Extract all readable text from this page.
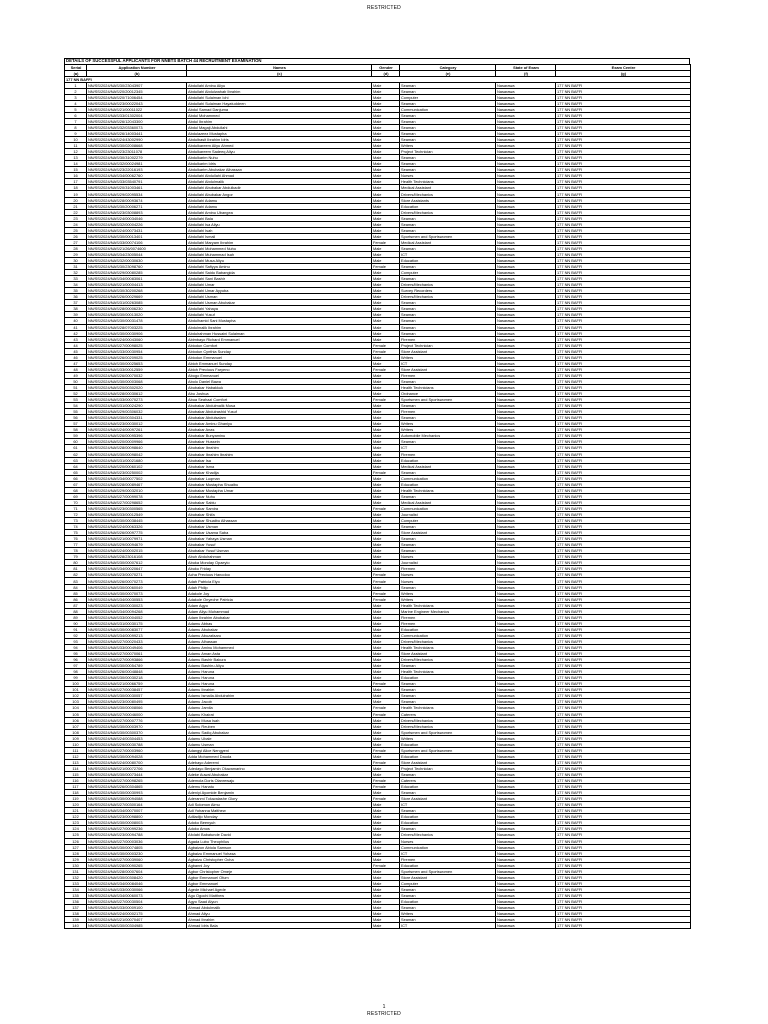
RESTRICTED
DETAILS OF SUCCESSFUL APPLICANTS FOR NNBTS BATCH 44 RECRUITMENT EXAMINATION
Serial	Application Number	Names	Gender	Category	State of Exam	Exam Centre
(a)	(b)	(c)	(d)	(e)	(f)	(g)
177 NN BAFFI						
1	NN/SS/2024/NAS/30/23043907	Abdullahi Aminu Aliyu	Male	Seaman	Nasarawa	177 NN BAFFI
2	NN/SS/2024/NAS/20/20012345	Abdullahi Abdulwahab Ibrahim	Male	Seaman	Nasarawa	177 NN BAFFI
3	NN/SS/2024/NAS/20/71006454	Abdullahi Sulaiman Ichi	Male	Computer	Nasarawa	177 NN BAFFI
4	NN/SS/2024/NAS/23/00022043	Abdullahi Sulaiman Hayatuddeen	Male	Seaman	Nasarawa	177 NN BAFFI
5	NN/SS/2024/NAS/21/00011022	Abdul Samad Danjuma	Male	Communication	Nasarawa	177 NN BAFFI
6	NN/SS/2024/NAS/33/01302004	Abdul Mohammed	Male	Seaman	Nasarawa	177 NN BAFFI
7	NN/SS/2024/NAS/26/12043300	Abdul Ibrahim	Male	Seaman	Nasarawa	177 NN BAFFI
8	NN/SS/2024/NAS/32/03360073	Abdul Magaji Abdullahi	Male	Seaman	Nasarawa	177 NN BAFFI
9	NN/SS/2024/NAS/26/14003441	Abdulazeez Mustapha	Male	Seaman	Nasarawa	177 NN BAFFI
10	NN/SS/2024/NAS/24/43002990	Abdulbasit Ibrahim Idris	Male	Seaman	Nasarawa	177 NN BAFFI
11	NN/SS/2024/NAS/30/02008668	Abdulkareem Aliyu Ahmed	Male	Writers	Nasarawa	177 NN BAFFI
12	NN/SS/2024/NAS/23/23011078	Abdulkareem Sadeeq Aliyu	Male	Project Technician	Nasarawa	177 NN BAFFI
13	NN/SS/2024/NAS/30/31002279	Abdulkarim Nuhu	Male	Seaman	Nasarawa	177 NN BAFFI
14	NN/SS/2024/NAS/32/00024981	Abdulkarim Idris	Male	Seaman	Nasarawa	177 NN BAFFI
15	NN/SS/2024/NAS/23/22016193	Abdulkarim Abubakar Alhassan	Male	Seaman	Nasarawa	177 NN BAFFI
16	NN/SS/2024/NAS/34/00062760	Abdullahi Abdullahi Ahmad	Male	Nurses	Nasarawa	177 NN BAFFI
17	NN/SS/2024/NAS/33/03540791	Abdullahi Abdulmalik	Male	Health Technicians	Nasarawa	177 NN BAFFI
18	NN/SS/2024/NAS/20/31003461	Abdullahi Abubakar Abdulkadir	Male	Medical Assistant	Nasarawa	177 NN BAFFI
19	NN/SS/2024/NAS/29/02095534	Abdullahi Abubakar Angor	Male	Drivers/Mechanics	Nasarawa	177 NN BAFFI
20	NN/SS/2024/NAS/28/00093674	Abdullahi Adamu	Male	Store Assistants	Nasarawa	177 NN BAFFI
21	NN/SS/2024/NAS/30/20006271	Abdullahi Adamu	Male	Education	Nasarawa	177 NN BAFFI
22	NN/SS/2024/NAS/23/03008893	Abdullahi Aminu Ubangea	Male	Drivers/Mechanics	Nasarawa	177 NN BAFFI
23	NN/SS/2024/NAS/24/00034046	Abdullahi Bala	Male	Seaman	Nasarawa	177 NN BAFFI
24	NN/SS/2024/NAS/32/00004226	Abdullahi Isa Aliyu	Male	Seaman	Nasarawa	177 NN BAFFI
25	NN/SS/2024/NAS/24/00073431	Abdullahi Isah	Male	Seaman	Nasarawa	177 NN BAFFI
26	NN/SS/2024/NAS/30/00013401	Abdullahi Ismail	Male	Sportsmen and Sportswomen	Nasarawa	177 NN BAFFI
27	NN/SS/2024/NAS/33/00074106	Abdullahi Maryam Ibrahim	Female	Medical Assistant	Nasarawa	177 NN BAFFI
28	NN/SS/2024/NAS/21/26/0074600	Abdullahi Mohammed Nuhu	Male	Seaman	Nasarawa	177 NN BAFFI
29	NN/SS/2024/NAS/34/23005044	Abdullahi Muhammad Isah	Male	ICT	Nasarawa	177 NN BAFFI
30	NN/SS/2024/NAS/32/00030630	Abdullahi Musa Aliyu	Male	Education	Nasarawa	177 NN BAFFI
31	NN/SS/2024/NAS/30/23098760	Abdullahi Safiyya Aminu	Female	Seaman	Nasarawa	177 NN BAFFI
32	NN/SS/2024/NAS/29/00080285	Abdullahi Saidu Babangida	Male	Computer	Nasarawa	177 NN BAFFI
33	NN/SS/2024/NAS/34/00083061	Abdullahi Sani Bashir	Male	Seaman	Nasarawa	177 NN BAFFI
34	NN/SS/2024/NAS/21/00004413	Abdullahi Umar	Male	Drivers/Mechanics	Nasarawa	177 NN BAFFI
35	NN/SS/2024/NAS/30/30200268	Abdullahi Umar Ayyuba	Male	Survey Recorders	Nasarawa	177 NN BAFFI
36	NN/SS/2024/NAS/26/00029669	Abdullahi Usman	Male	Drivers/Mechanics	Nasarawa	177 NN BAFFI
37	NN/SS/2024/NAS/31/00263085	Abdullahi Usman Abubakar	Male	Seaman	Nasarawa	177 NN BAFFI
38	NN/SS/2024/NAS/28/00006230	Abdullahi Yahaya	Male	Seaman	Nasarawa	177 NN BAFFI
39	NN/SS/2024/NAS/30/00013020	Abdullahi Yusuf	Male	Seaman	Nasarawa	177 NN BAFFI
40	NN/SS/2024/NAS/30/00031478	Abdulhamid Sani Mustapha	Male	Seaman	Nasarawa	177 NN BAFFI
41	NN/SS/2024/NAS/28/07003225	Abdulmalik Ibrahim	Male	Seaman	Nasarawa	177 NN BAFFI
42	NN/SS/2024/NAS/30/00030906	Abdulrahman Hussaini Sulaiman	Male	Seaman	Nasarawa	177 NN BAFFI
43	NN/SS/2024/NAS/24/00043060	Abimbayo Richard Emmanuel	Male	Firemen	Nasarawa	177 NN BAFFI
44	NN/SS/2024/NAS/27/00098025	Abiodun Comfort	Female	Project Technician	Nasarawa	177 NN BAFFI
45	NN/SS/2024/NAS/33/00030954	Abiodun Cynthia Sunday	Female	Store Assistant	Nasarawa	177 NN BAFFI
46	NN/SS/2024/NAS/26/00209025	Abiodun Emmanuel	Male	Writers	Nasarawa	177 NN BAFFI
47	NN/SS/2024/NAS/30/00025653	Abioh Emmanuel Sunday	Male	ICT	Nasarawa	177 NN BAFFI
48	NN/SS/2024/NAS/33/00012559	Abioh Precious Faryeno	Female	Store Assistant	Nasarawa	177 NN BAFFI
49	NN/SS/2024/NAS/26/00070032	Abogo Emmanuel	Male	Firemen	Nasarawa	177 NN BAFFI
50	NN/SS/2024/NAS/30/00003068	Abolo Daniel Bawa	Male	Seaman	Nasarawa	177 NN BAFFI
51	NN/SS/2024/NAS/20/00302020	Abubakar Habakkuk	Male	Health Technicians	Nasarawa	177 NN BAFFI
52	NN/SS/2024/NAS/28/00030612	Abu Joshua	Male	Ordnance	Nasarawa	177 NN BAFFI
53	NN/SS/2024/NAS/33/00070273	Abua Seahazi Comfort	Female	Sportsmen and Sportswomen	Nasarawa	177 NN BAFFI
54	NN/SS/2024/NAS/31/00024290	Abubakar Abdulmalik Musa	Male	Seaman	Nasarawa	177 NN BAFFI
55	NN/SS/2024/NAS/29/00306032	Abubakar Abdulrashid Yusuf	Male	Firemen	Nasarawa	177 NN BAFFI
56	NN/SS/2024/NAS/30/00304331	Abubakar Abdulsalam	Male	Seaman	Nasarawa	177 NN BAFFI
57	NN/SS/2024/NAS/23/00030012	Abubakar Aminu Ghaniyu	Male	Writers	Nasarawa	177 NN BAFFI
58	NN/SS/2024/NAS/24/00097261	Abubakar Anas	Male	Writers	Nasarawa	177 NN BAFFI
59	NN/SS/2024/NAS/26/00095396	Abubakar Bunyaminu	Male	Automobile Mechanics	Nasarawa	177 NN BAFFI
60	NN/SS/2024/NAS/20/00009966	Abubakar Hussein	Male	Seaman	Nasarawa	177 NN BAFFI
61	NN/SS/2024/NAS/28/00098640	Abubakar Ibrahim	Male	ICT	Nasarawa	177 NN BAFFI
62	NN/SS/2024/NAS/30/00098042	Abubakar Ibrahim Ibrahim	Male	Firemen	Nasarawa	177 NN BAFFI
63	NN/SS/2024/NAS/31/00021680	Abubakar Isa	Male	Education	Nasarawa	177 NN BAFFI
64	NN/SS/2024/NAS/20/00060102	Abubakar Isma	Male	Medical Assistant	Nasarawa	177 NN BAFFI
65	NN/SS/2024/NAS/23/00250002	Abubakar Khadija	Female	Seaman	Nasarawa	177 NN BAFFI
66	NN/SS/2024/NAS/34/00077502	Abubakar Luqman	Male	Communication	Nasarawa	177 NN BAFFI
67	NN/SS/2024/NAS/28/00089467	Abubakar Mustapha Shuaibu	Male	Education	Nasarawa	177 NN BAFFI
68	NN/SS/2024/NAS/29/00032010	Abubakar Mustapha Umar	Male	Health Technicians	Nasarawa	177 NN BAFFI
69	NN/SS/2024/NAS/27/00099078	Abubakar Nuhu	Male	Seaman	Nasarawa	177 NN BAFFI
70	NN/SS/2024/NAS/27/00298652	Abubakar Sabiu	Male	Medical Assistant	Nasarawa	177 NN BAFFI
71	NN/SS/2024/NAS/23/00300565	Abubakar Samira	Female	Communication	Nasarawa	177 NN BAFFI
72	NN/SS/2024/NAS/33/00012549	Abubakar Shifa	Male	Journalist	Nasarawa	177 NN BAFFI
73	NN/SS/2024/NAS/30/00038445	Abubakar Shuaibu Alhassan	Male	Computer	Nasarawa	177 NN BAFFI
74	NN/SS/2024/NAS/24/00063326	Abubakar Usman	Male	Seaman	Nasarawa	177 NN BAFFI
75	NN/SS/2024/NAS/26/00097775	Abubakar Usama Saba	Male	Store Assistant	Nasarawa	177 NN BAFFI
76	NN/SS/2024/NAS/21/00079971	Abubakar Yahaya Usman	Male	Seaman	Nasarawa	177 NN BAFFI
77	NN/SS/2024/NAS/29/00094679	Abubakar Yusuf	Male	Seaman	Nasarawa	177 NN BAFFI
78	NN/SS/2024/NAS/24/00002015	Abubakar Yusuf Usman	Male	Seaman	Nasarawa	177 NN BAFFI
79	NN/SS/2024/NAS/28/23016108	Abuh Abdulrahman	Male	Nurses	Nasarawa	177 NN BAFFI
80	NN/SS/2024/NAS/30/00007612	Abuka Monday Opaeyio	Male	Journalist	Nasarawa	177 NN BAFFI
81	NN/SS/2024/NAS/34/00020647	Abuku Friday	Male	Firemen	Nasarawa	177 NN BAFFI
82	NN/SS/2024/NAS/23/00070271	Acha Precious Hanodoo	Female	Nurses	Nasarawa	177 NN BAFFI
83	NN/SS/2024/NAS/26/00070273	Adah Patricia Eiyo	Female	Nurses	Nasarawa	177 NN BAFFI
84	NN/SS/2024/NAS/30/00060049	Adah Philip	Male	Seaman	Nasarawa	177 NN BAFFI
85	NN/SS/2024/NAS/30/00070073	Adakole Joy	Female	Writers	Nasarawa	177 NN BAFFI
86	NN/SS/2024/NAS/34/00030553	Adakole Onyeche Patricia	Female	Writers	Nasarawa	177 NN BAFFI
87	NN/SS/2024/NAS/30/00030023	Adam Agyo	Male	Health Technicians	Nasarawa	177 NN BAFFI
88	NN/SS/2024/NAS/34/00094268	Adam Aliyu Muhammad	Male	Marine Engineer Mechanics	Nasarawa	177 NN BAFFI
89	NN/SS/2024/NAS/33/00004052	Adam Ibrahim Abubakar	Male	Firemen	Nasarawa	177 NN BAFFI
90	NN/SS/2024/NAS/31/00030175	Adamu Abbas	Male	Firemen	Nasarawa	177 NN BAFFI
91	NN/SS/2024/NAS/30/00083077	Adamu Abubakar	Male	Education	Nasarawa	177 NN BAFFI
92	NN/SS/2024/NAS/34/00099213	Adamu Abuzafaaru	Male	Communication	Nasarawa	177 NN BAFFI
93	NN/SS/2024/NAS/27/00020433	Adamu Alhassan	Male	Drivers/Mechanics	Nasarawa	177 NN BAFFI
94	NN/SS/2024/NAS/33/00049406	Adamu Aminu Mohammed	Male	Health Technicians	Nasarawa	177 NN BAFFI
95	NN/SS/2024/NAS/27/00070061	Adamu Aman Asta	Male	Store Assistant	Nasarawa	177 NN BAFFI
96	NN/SS/2024/NAS/27/00093866	Adamu Bashir Bakura	Male	Drivers/Mechanics	Nasarawa	177 NN BAFFI
97	NN/SS/2024/NAS/30/00054789	Adamu Bashiru Aliyu	Male	Seaman	Nasarawa	177 NN BAFFI
98	NN/SS/2024/NAS/26/00048848	Adamu Haruna	Male	Health Technicians	Nasarawa	177 NN BAFFI
99	NN/SS/2024/NAS/30/00030218	Adamu Haruna	Male	Education	Nasarawa	177 NN BAFFI
100	NN/SS/2024/NAS/21/00066759	Adamu Haruna	Female	Seaman	Nasarawa	177 NN BAFFI
101	NN/SS/2024/NAS/27/00038457	Adamu Ibrahim	Male	Seaman	Nasarawa	177 NN BAFFI
102	NN/SS/2024/NAS/30/00030057	Adamu Ismaila Abdulrahim	Male	Seaman	Nasarawa	177 NN BAFFI
103	NN/SS/2024/NAS/23/00080495	Adamu Jacob	Male	Seaman	Nasarawa	177 NN BAFFI
104	NN/SS/2024/NAS/30/00008066	Adamu Jamila	Female	Health Technicians	Nasarawa	177 NN BAFFI
105	NN/SS/2024/NAS/27/00046000	Adamu Khairat	Female	Caterers	Nasarawa	177 NN BAFFI
106	NN/SS/2024/NAS/27/00007776	Adamu Musa Isah	Male	Drivers/Mechanics	Nasarawa	177 NN BAFFI
107	NN/SS/2024/NAS/30/00003970	Adamu Reuben	Male	Drivers/Mechanics	Nasarawa	177 NN BAFFI
108	NN/SS/2024/NAS/30/00300370	Adamu Sadiq Abubakar	Male	Sportsmen and Sportswomen	Nasarawa	177 NN BAFFI
109	NN/SS/2024/NAS/24/00304453	Adamu Ubale	Male	Writers	Nasarawa	177 NN BAFFI
110	NN/SS/2024/NAS/29/00030788	Adamu Usman	Male	Education	Nasarawa	177 NN BAFFI
111	NN/SS/2024/NAS/27/00003960	Adangyi Alice Nengyeni	Female	Sportsmen and Sportswomen	Nasarawa	177 NN BAFFI
112	NN/SS/2024/NAS/30/00094028	Adda Mohammed Dauda	Male	Education	Nasarawa	177 NN BAFFI
113	NN/SS/2024/NAS/24/00080700	Adebayo Aderemi	Female	Store Assistant	Nasarawa	177 NN BAFFI
114	NN/SS/2024/NAS/21/00072706	Adedayo Benjamin Oluwamarino	Male	Project Technician	Nasarawa	177 NN BAFFI
115	NN/SS/2024/NAS/30/00073444	Adeke Auwal Abubakar	Male	Seaman	Nasarawa	177 NN BAFFI
116	NN/SS/2024/NAS/27/00098265	Ademola Doris Olanrewaju	Female	Caterers	Nasarawa	177 NN BAFFI
117	NN/SS/2024/NAS/26/00304865	Ademu Hanatu	Female	Education	Nasarawa	177 NN BAFFI
118	NN/SS/2024/NAS/30/00030993	Adeniyi Ayomide Benjamin	Male	Seaman	Nasarawa	177 NN BAFFI
119	NN/SS/2024/NAS/30/00094088	Aderanmi Toluwalashe Glory	Female	Store Assistant	Nasarawa	177 NN BAFFI
120	NN/SS/2024/NAS/27/00300164	Adi Solomon Aimu	Male	ICT	Nasarawa	177 NN BAFFI
121	NN/SS/2024/NAS/34/00070007	Adi Yohanna Matthew	Male	Seaman	Nasarawa	177 NN BAFFI
122	NN/SS/2024/NAS/23/00098800	Adiladijo Monday	Male	Education	Nasarawa	177 NN BAFFI
123	NN/SS/2024/NAS/30/00008003	Adoko Beenyuh	Male	Education	Nasarawa	177 NN BAFFI
124	NN/SS/2024/NAS/27/00099236	Adoko Amos	Male	Seaman	Nasarawa	177 NN BAFFI
125	NN/SS/2024/NAS/23/00094788	Afolabi Babatunde David	Male	Drivers/Mechanics	Nasarawa	177 NN BAFFI
126	NN/SS/2024/NAS/27/00003036	Agada Lubo Theophilus	Male	Nurses	Nasarawa	177 NN BAFFI
127	NN/SS/2024/NAS/30/00074805	Agbaizon Abiola Samson	Male	Communication	Nasarawa	177 NN BAFFI
128	NN/SS/2024/NAS/30/00003230	Agbaizu Emmanuel Yohasa	Male	ICT	Nasarawa	177 NN BAFFI
129	NN/SS/2024/NAS/27/00039060	Agbaizu Christopher Ocha	Male	Firemen	Nasarawa	177 NN BAFFI
130	NN/SS/2024/NAS/28/00090265	Agbanni Joy	Female	Education	Nasarawa	177 NN BAFFI
131	NN/SS/2024/NAS/28/00007604	Agbor Christopher Omeje	Male	Sportsmen and Sportswomen	Nasarawa	177 NN BAFFI
132	NN/SS/2024/NAS/30/00308420	Agbor Emmanuel Ofum	Male	Store Assistant	Nasarawa	177 NN BAFFI
133	NN/SS/2024/NAS/34/00084046	Agbor Emmanuel	Male	Computer	Nasarawa	177 NN BAFFI
134	NN/SS/2024/NAS/33/00030066	Agede Michael Agede	Male	Seaman	Nasarawa	177 NN BAFFI
135	NN/SS/2024/NAS/34/00060073	Agu Ogochi Matthew	Male	Seaman	Nasarawa	177 NN BAFFI
136	NN/SS/2024/NAS/27/00030504	Agyo Saad Alyun	Male	Education	Nasarawa	177 NN BAFFI
137	NN/SS/2024/NAS/33/00009100	Ahmad Abdulmalik	Male	Seaman	Nasarawa	177 NN BAFFI
138	NN/SS/2024/NAS/24/00002175	Ahmad Aliyu	Male	Writers	Nasarawa	177 NN BAFFI
139	NN/SS/2024/NAS/21/00070407	Ahmad Ibrahim	Male	Seaman	Nasarawa	177 NN BAFFI
140	NN/SS/2024/NAS/30/00304985	Ahmad Idris Bala	Male	ICT	Nasarawa	177 NN BAFFI
1
RESTRICTED
